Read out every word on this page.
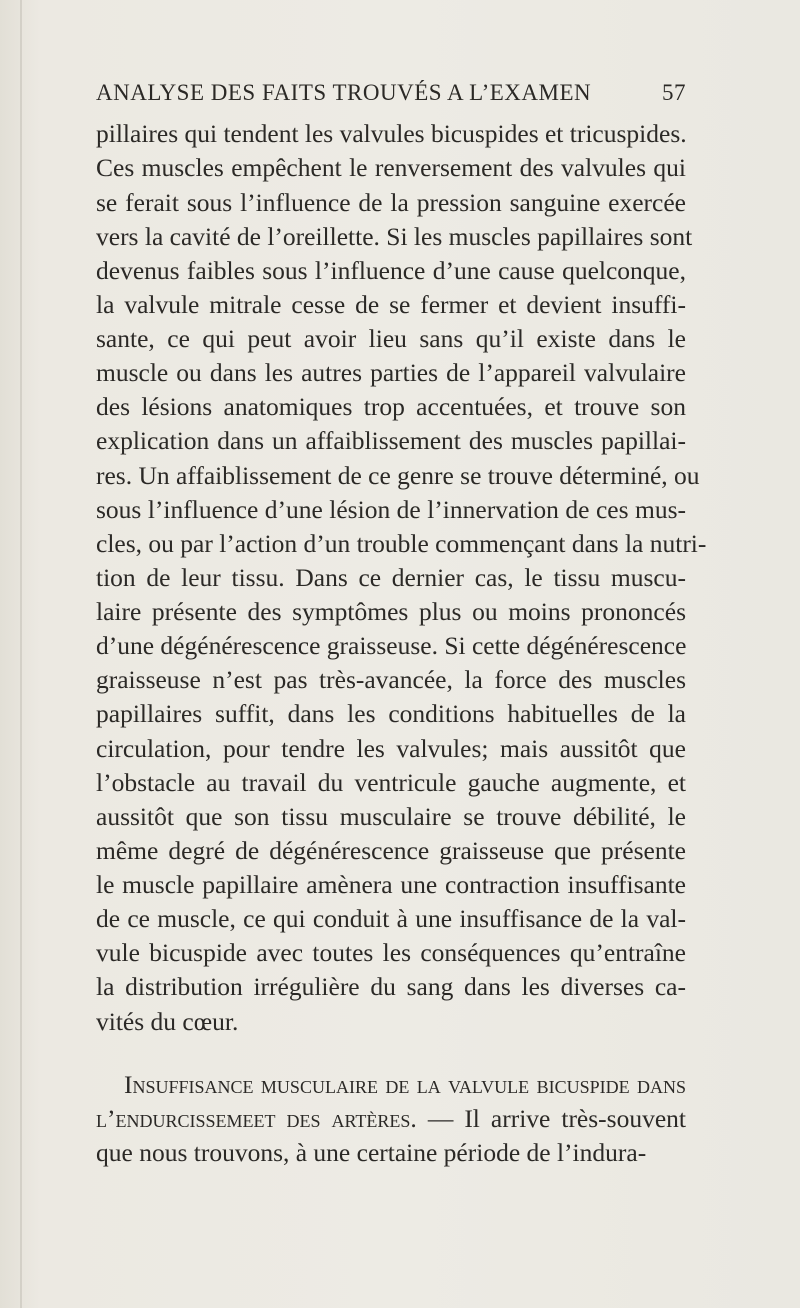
ANALYSE DES FAITS TROUVÉS A L’EXAMEN	57
pillaires qui tendent les valvules bicuspides et tricuspides.
Ces muscles empêchent le renversement des valvules qui
se ferait sous l’influence de la pression sanguine exercée
vers la cavité de l’oreillette. Si les muscles papillaires sont
devenus faibles sous l’influence d’une cause quelconque,
la valvule mitrale cesse de se fermer et devient insuffi-
sante, ce qui peut avoir lieu sans qu’il existe dans le
muscle ou dans les autres parties de l’appareil valvulaire
des lésions anatomiques trop accentuées, et trouve son
explication dans un affaiblissement des muscles papillai-
res. Un affaiblissement de ce genre se trouve déterminé, ou
sous l’influence d’une lésion de l’innervation de ces mus-
cles, ou par l’action d’un trouble commençant dans la nutri-
tion de leur tissu. Dans ce dernier cas, le tissu muscu-
laire présente des symptômes plus ou moins prononcés
d’une dégénérescence graisseuse. Si cette dégénérescence
graisseuse n’est pas très-avancée, la force des muscles
papillaires suffit, dans les conditions habituelles de la
circulation, pour tendre les valvules; mais aussitôt que
l’obstacle au travail du ventricule gauche augmente, et
aussitôt que son tissu musculaire se trouve débilité, le
même degré de dégénérescence graisseuse que présente
le muscle papillaire amènera une contraction insuffisante
de ce muscle, ce qui conduit à une insuffisance de la val-
vule bicuspide avec toutes les conséquences qu’entraîne
la distribution irrégulière du sang dans les diverses ca-
vités du cœur.
Insuffisance musculaire de la valvule bicuspide dans
l’endurcissemeet des artères. — Il arrive très-souvent
que nous trouvons, à une certaine période de l’indura-
